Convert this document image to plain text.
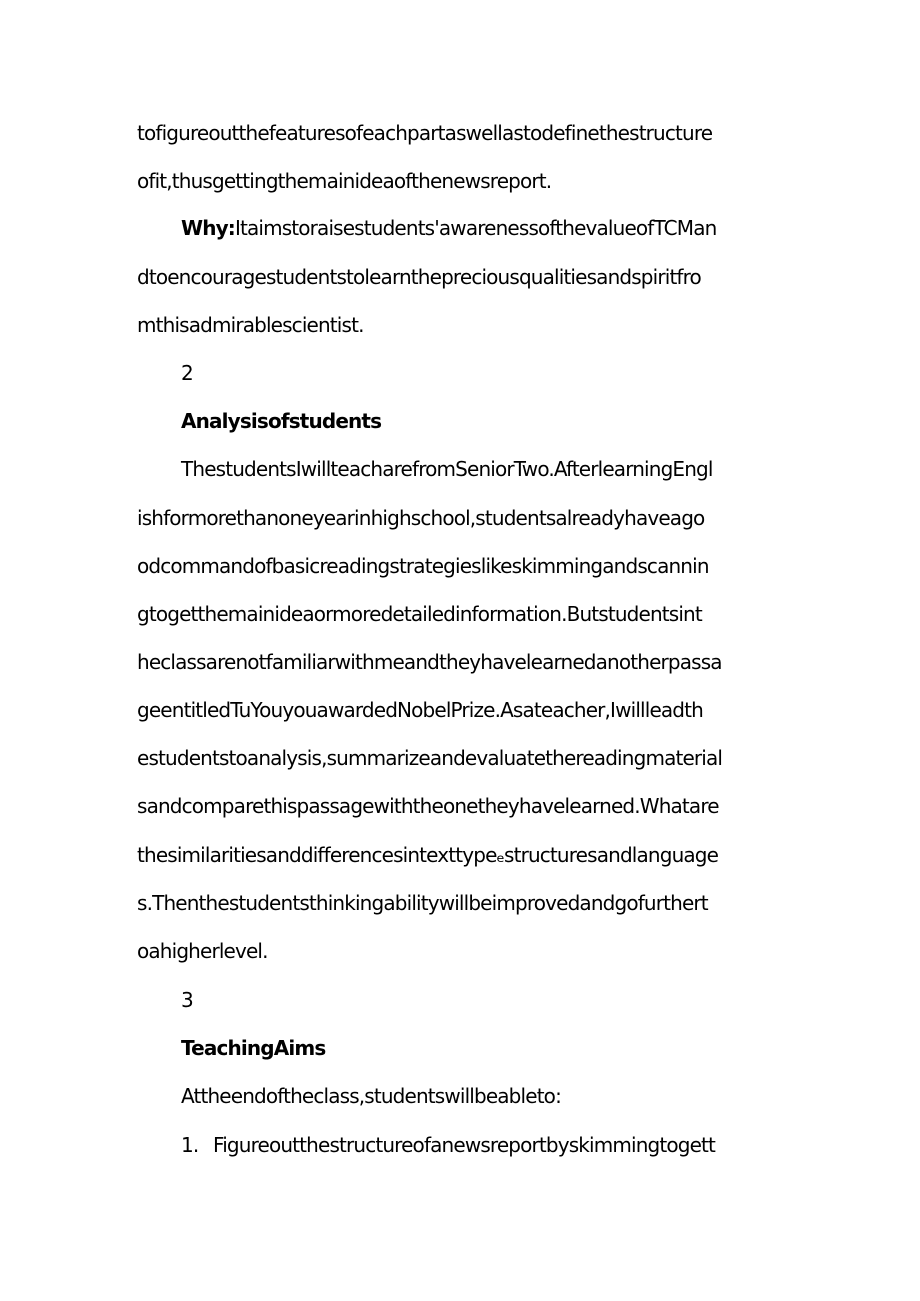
tofigureoutthefeaturesofeachpartaswellastodefinethestructure
ofit,thusgettingthemainideaofthenewsreport.
Why:Itaimstoraisestudents'awarenessofthevalueofTCMan
dtoencouragestudentstolearnthepreciousqualitiesandspiritfro
mthisadmirablescientist.
2
Analysisofstudents
ThestudentsIwillteacharefromSeniorTwo.AfterlearningEngl
ishformorethanoneyearinhighschool,studentsalreadyhaveago
odcommandofbasicreadingstrategieslikeskimmingandscannin
gtogetthemainideaormoredetailedinformation.Butstudentsint
heclassarenotfamiliarwithmeandtheyhavelearnedanotherpassa
geentitledTuYouyouawardedNobelPrize.Asateacher,Iwillleadth
estudentstoanalysis,summarizeandevaluatethereadingmaterial
sandcomparethispassagewiththeonetheyhavelearned.Whatare
thesimilaritiesanddifferencesintexttypeₑstructuresandlanguage
s.Thenthestudentsthinkingabilitywillbeimprovedandgofurthert
oahigherlevel.
3
TeachingAims
Attheendoftheclass,studentswillbeableto:
1. Figureoutthestructureofanewsreportbyskimmingtogett
